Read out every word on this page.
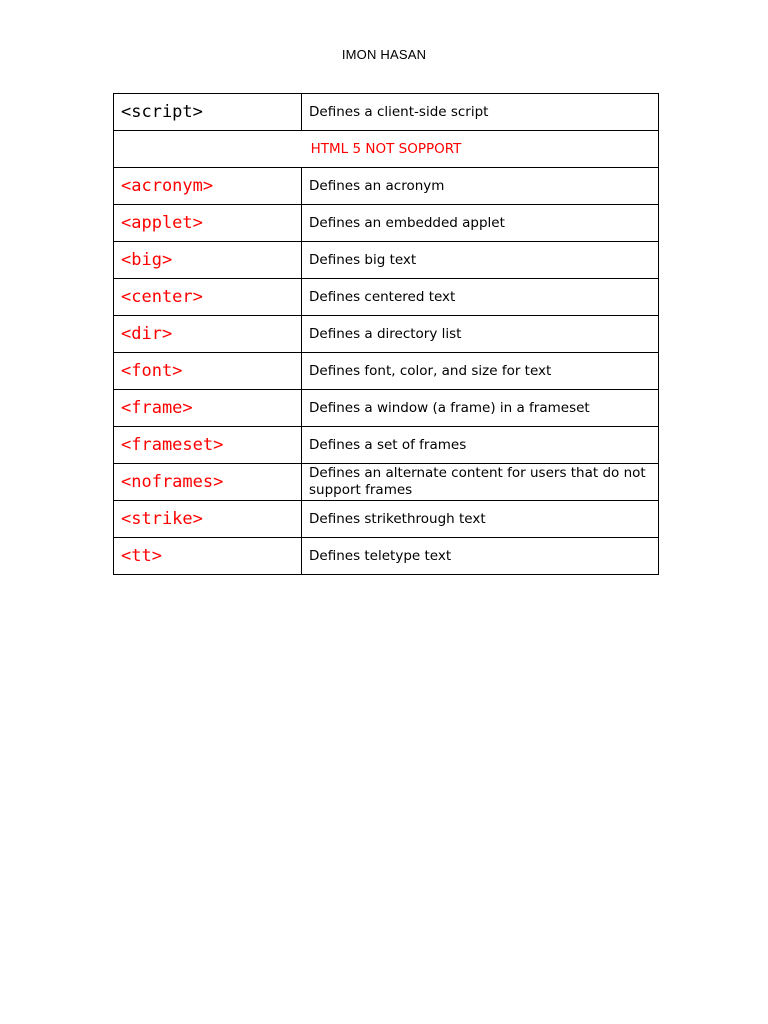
IMON HASAN
<script>	Defines a client-side script
HTML 5 NOT SOPPORT	
<acronym>	Defines an acronym
<applet>	Defines an embedded applet
<big>	Defines big text
<center>	Defines centered text
<dir>	Defines a directory list
<font>	Defines font, color, and size for text
<frame>	Defines a window (a frame) in a frameset
<frameset>	Defines a set of frames
<noframes>	Defines an alternate content for users that do not support frames
<strike>	Defines strikethrough text
<tt>	Defines teletype text
